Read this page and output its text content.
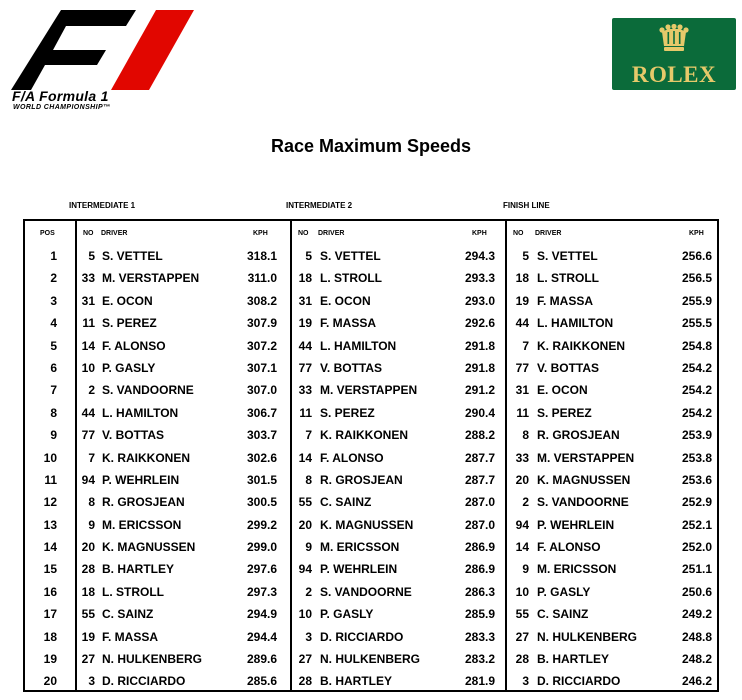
F/A Formula 1
WORLD CHAMPIONSHIP™
ROLEX
Race Maximum Speeds
INTERMEDIATE 1	INTERMEDIATE 2	FINISH LINE
POS	NO DRIVER	KPH	NO DRIVER	KPH	NO DRIVER	KPH
1	5 S. VETTEL	318.1	5 S. VETTEL	294.3	5 S. VETTEL	256.6
2	33 M. VERSTAPPEN	311.0	18 L. STROLL	293.3	18 L. STROLL	256.5
3	31 E. OCON	308.2	31 E. OCON	293.0	19 F. MASSA	255.9
4	11 S. PEREZ	307.9	19 F. MASSA	292.6	44 L. HAMILTON	255.5
5	14 F. ALONSO	307.2	44 L. HAMILTON	291.8	7 K. RAIKKONEN	254.8
6	10 P. GASLY	307.1	77 V. BOTTAS	291.8	77 V. BOTTAS	254.2
7	2 S. VANDOORNE	307.0	33 M. VERSTAPPEN	291.2	31 E. OCON	254.2
8	44 L. HAMILTON	306.7	11 S. PEREZ	290.4	11 S. PEREZ	254.2
9	77 V. BOTTAS	303.7	7 K. RAIKKONEN	288.2	8 R. GROSJEAN	253.9
10	7 K. RAIKKONEN	302.6	14 F. ALONSO	287.7	33 M. VERSTAPPEN	253.8
11	94 P. WEHRLEIN	301.5	8 R. GROSJEAN	287.7	20 K. MAGNUSSEN	253.6
12	8 R. GROSJEAN	300.5	55 C. SAINZ	287.0	2 S. VANDOORNE	252.9
13	9 M. ERICSSON	299.2	20 K. MAGNUSSEN	287.0	94 P. WEHRLEIN	252.1
14	20 K. MAGNUSSEN	299.0	9 M. ERICSSON	286.9	14 F. ALONSO	252.0
15	28 B. HARTLEY	297.6	94 P. WEHRLEIN	286.9	9 M. ERICSSON	251.1
16	18 L. STROLL	297.3	2 S. VANDOORNE	286.3	10 P. GASLY	250.6
17	55 C. SAINZ	294.9	10 P. GASLY	285.9	55 C. SAINZ	249.2
18	19 F. MASSA	294.4	3 D. RICCIARDO	283.3	27 N. HULKENBERG	248.8
19	27 N. HULKENBERG	289.6	27 N. HULKENBERG	283.2	28 B. HARTLEY	248.2
20	3 D. RICCIARDO	285.6	28 B. HARTLEY	281.9	3 D. RICCIARDO	246.2
